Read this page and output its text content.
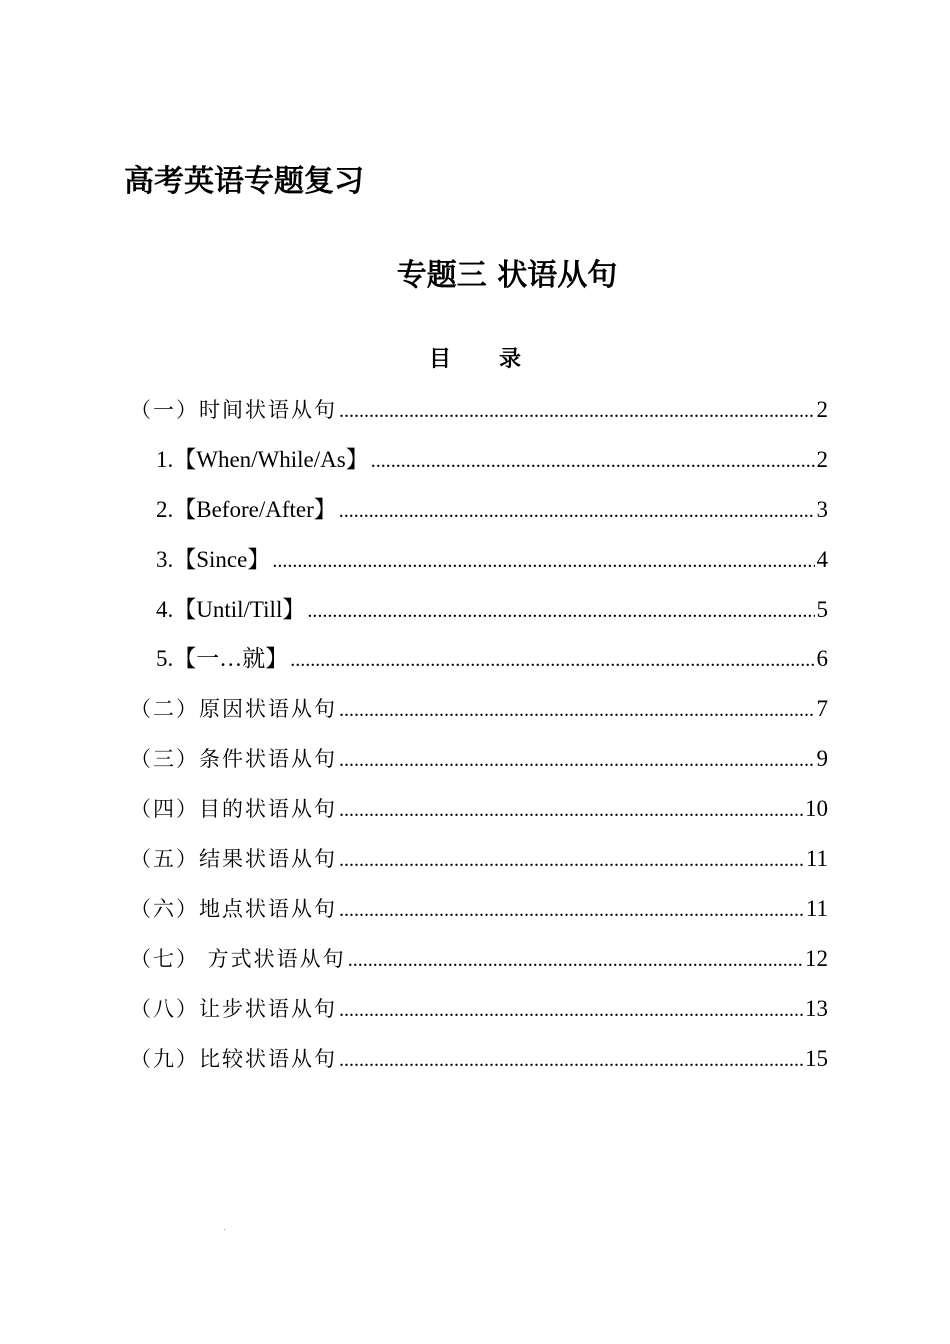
高考英语专题复习
专题三 状语从句
目 录
（一）时间状语从句 .....	2
1.【When/While/As】 .....	2
2.【Before/After】 .....	3
3.【Since】 .....	4
4.【Until/Till】 .....	5
5.【一…就】 .....	6
（二）原因状语从句 .....	7
（三）条件状语从句 .....	9
（四）目的状语从句 .....	10
（五）结果状语从句 .....	11
（六）地点状语从句 .....	11
（七） 方式状语从句 .....	12
（八）让步状语从句 .....	13
（九）比较状语从句 .....	15
